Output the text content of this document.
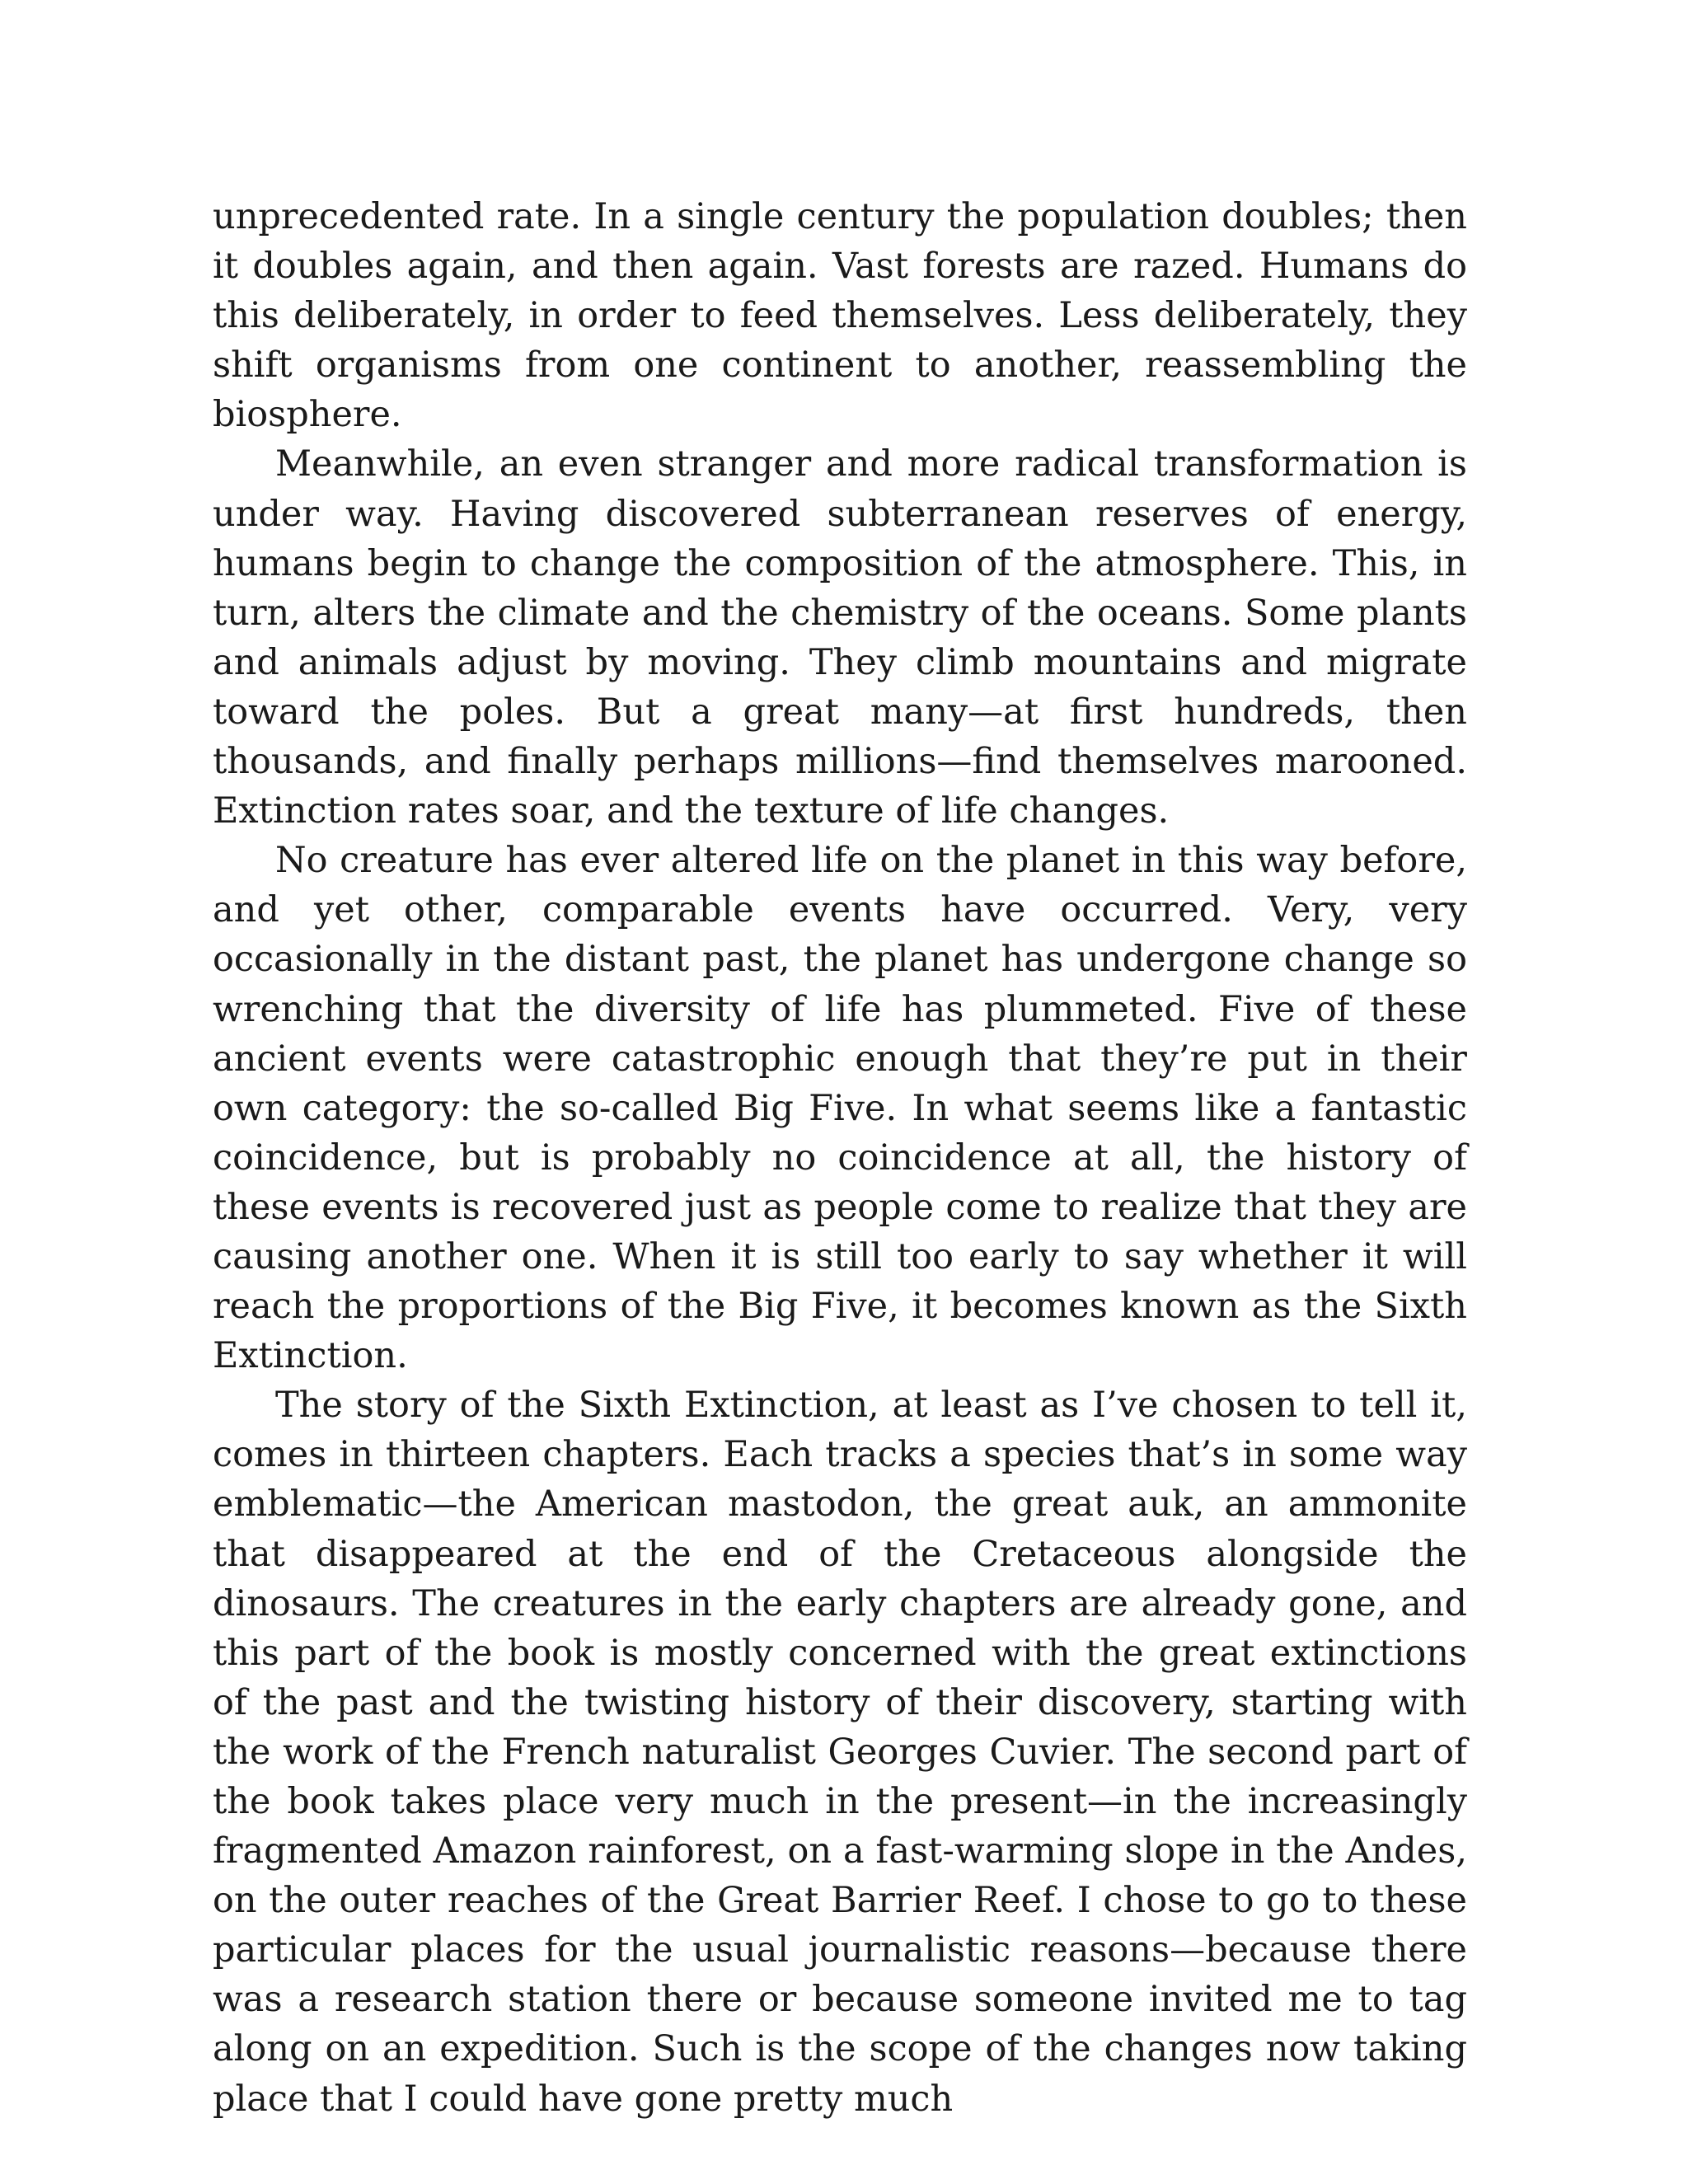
unprecedented rate. In a single century the population doubles; then it doubles again, and then again. Vast forests are razed. Humans do this deliberately, in order to feed themselves. Less deliberately, they shift organisms from one continent to another, reassembling the biosphere.

Meanwhile, an even stranger and more radical transformation is under way. Having discovered subterranean reserves of energy, humans begin to change the composition of the atmosphere. This, in turn, alters the climate and the chemistry of the oceans. Some plants and animals adjust by moving. They climb mountains and migrate toward the poles. But a great many—at first hundreds, then thousands, and finally perhaps millions—find themselves marooned. Extinction rates soar, and the texture of life changes.

No creature has ever altered life on the planet in this way before, and yet other, comparable events have occurred. Very, very occasionally in the distant past, the planet has undergone change so wrenching that the diversity of life has plummeted. Five of these ancient events were catastrophic enough that they’re put in their own category: the so-called Big Five. In what seems like a fantastic coincidence, but is probably no coincidence at all, the history of these events is recovered just as people come to realize that they are causing another one. When it is still too early to say whether it will reach the proportions of the Big Five, it becomes known as the Sixth Extinction.

The story of the Sixth Extinction, at least as I’ve chosen to tell it, comes in thirteen chapters. Each tracks a species that’s in some way emblematic—the American mastodon, the great auk, an ammonite that disappeared at the end of the Cretaceous alongside the dinosaurs. The creatures in the early chapters are already gone, and this part of the book is mostly concerned with the great extinctions of the past and the twisting history of their discovery, starting with the work of the French naturalist Georges Cuvier. The second part of the book takes place very much in the present—in the increasingly fragmented Amazon rainforest, on a fast-warming slope in the Andes, on the outer reaches of the Great Barrier Reef. I chose to go to these particular places for the usual journalistic reasons—because there was a research station there or because someone invited me to tag along on an expedition. Such is the scope of the changes now taking place that I could have gone pretty much
